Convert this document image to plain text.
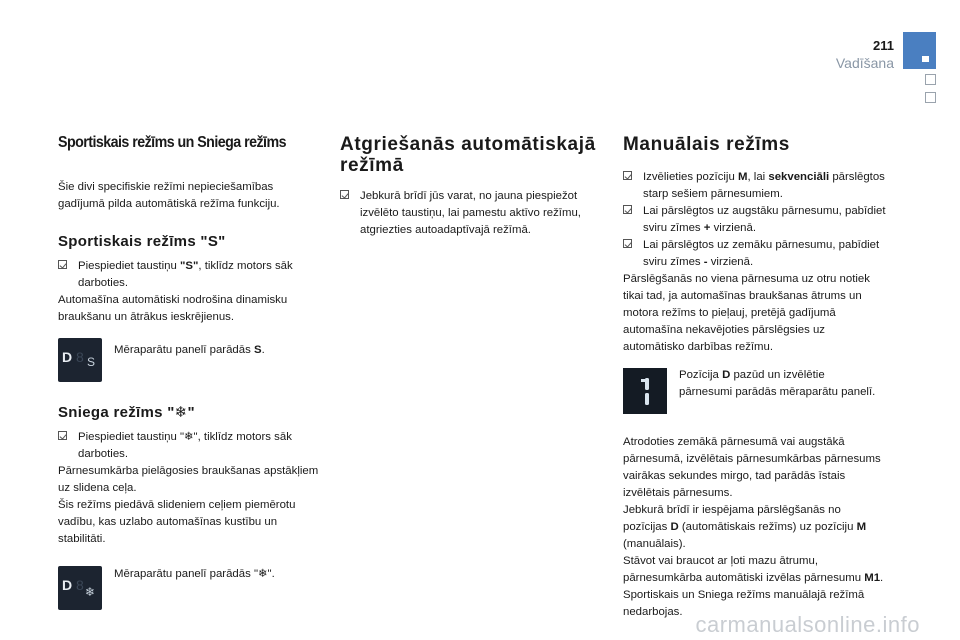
211
Vadīšana
Sportiskais režīms un Sniega režīms

Šie divi specifiskie režīmi nepieciešamības gadījumā pilda automātiskā režīma funkciju.

Sportiskais režīms "S"

Piespiediet taustiņu "S", tiklīdz motors sāk darboties.

Automašīna automātiski nodrošina dinamisku braukšanu un ātrākus ieskrējienus.

D 8 S
Mēraparātu panelī parādās S.
Sniega režīms "❄"

Piespiediet taustiņu "❄", tiklīdz motors sāk darboties.

Pārnesumkārba pielāgosies braukšanas apstākļiem uz slidena ceļa.

Šis režīms piedāvā slideniem ceļiem piemērotu vadību, kas uzlabo automašīnas kustību un stabilitāti.

D 8 ❄
Mēraparātu panelī parādās "❄".
Atgriešanās automātiskajā režīmā

Jebkurā brīdī jūs varat, no jauna piespiežot izvēlēto taustiņu, lai pamestu aktīvo režīmu, atgriezties autoadaptīvajā režīmā.

Manuālais režīms

Izvēlieties pozīciju M, lai sekvenciāli pārslēgtos starp sešiem pārnesumiem.

Lai pārslēgtos uz augstāku pārnesumu, pabīdiet sviru zīmes + virzienā.

Lai pārslēgtos uz zemāku pārnesumu, pabīdiet sviru zīmes - virzienā.

Pārslēgšanās no viena pārnesuma uz otru notiek tikai tad, ja automašīnas braukšanas ātrums un motora režīms to pieļauj, pretējā gadījumā automašīna nekavējoties pārslēgsies uz automātisko darbības režīmu.

Pozīcija D pazūd un izvēlētie pārnesumi parādās mēraparātu panelī.

Atrodoties zemākā pārnesumā vai augstākā pārnesumā, izvēlētais pārnesumkārbas pārnesums vairākas sekundes mirgo, tad parādās īstais izvēlētais pārnesums.

Jebkurā brīdī ir iespējama pārslēgšanās no pozīcijas D (automātiskais režīms) uz pozīciju M (manuālais).

Stāvot vai braucot ar ļoti mazu ātrumu, pārnesumkārba automātiski izvēlas pārnesumu M1.

Sportiskais un Sniega režīms manuālajā režīmā nedarbojas. carmanualsonline.info
